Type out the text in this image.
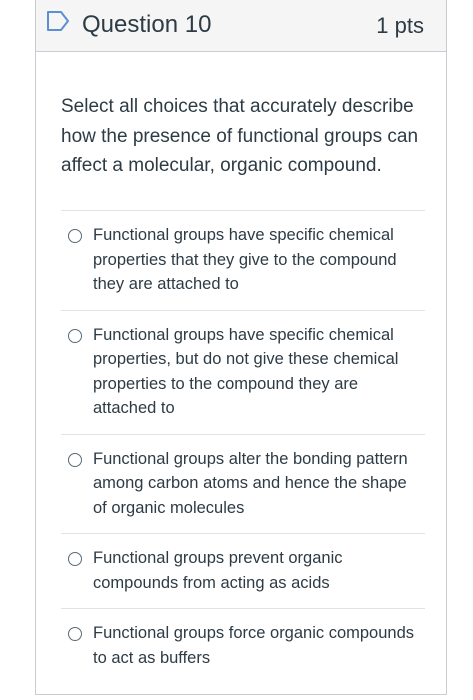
Question 10	1 pts
Select all choices that accurately describe how the presence of functional groups can affect a molecular, organic compound.
Functional groups have specific chemical properties that they give to the compound they are attached to
Functional groups have specific chemical properties, but do not give these chemical properties to the compound they are attached to
Functional groups alter the bonding pattern among carbon atoms and hence the shape of organic molecules
Functional groups prevent organic compounds from acting as acids
Functional groups force organic compounds to act as buffers
